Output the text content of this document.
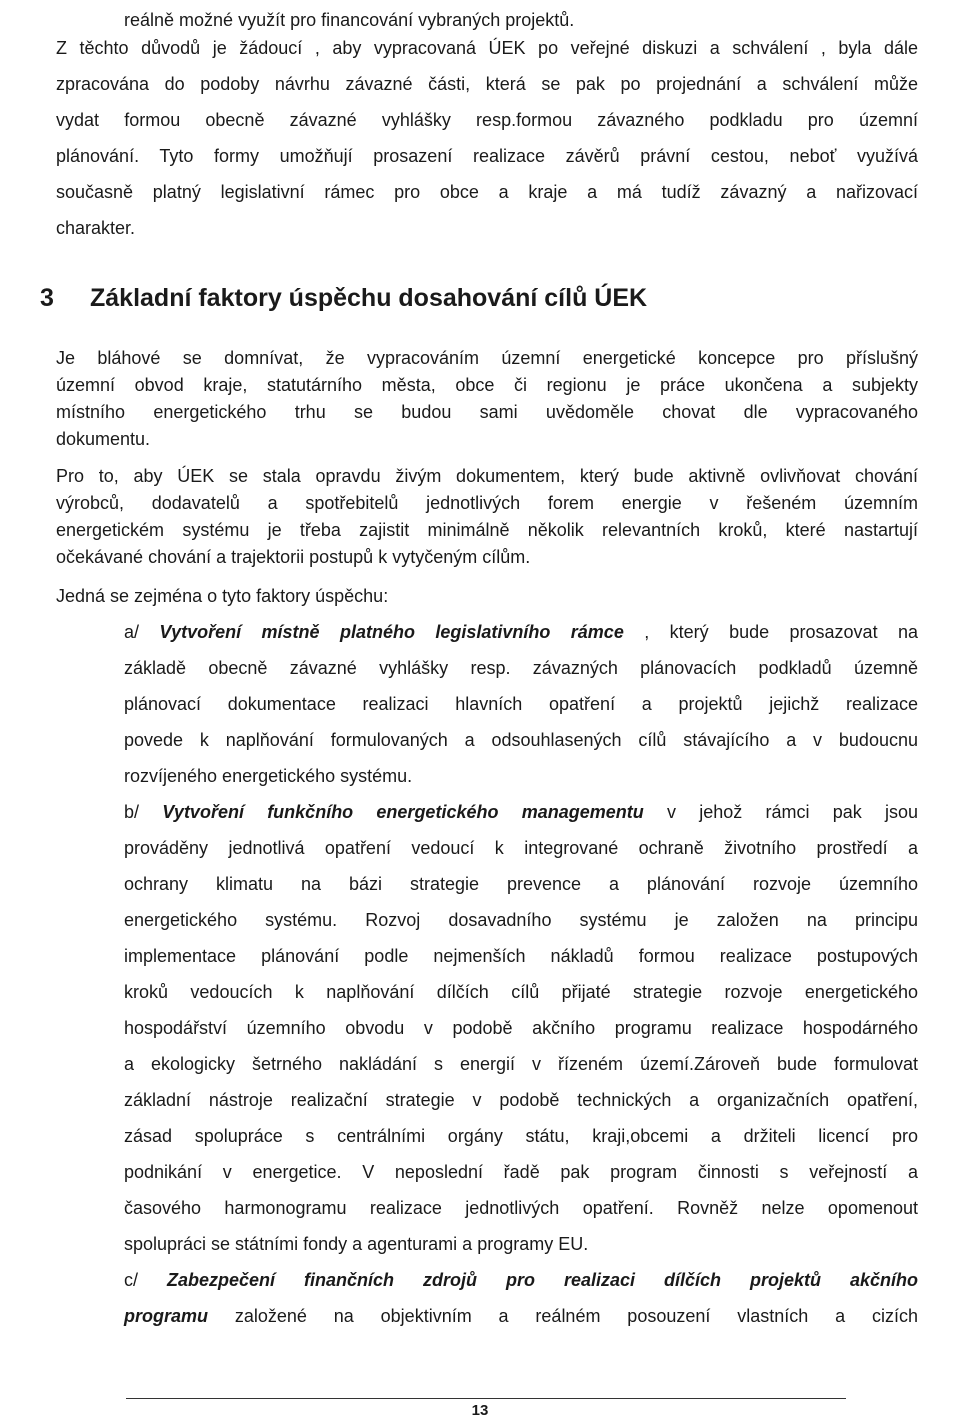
reálně možné využít pro financování vybraných projektů.

Z těchto důvodů je žádoucí , aby vypracovaná ÚEK po veřejné diskuzi a schválení , byla dále
zpracována do podoby návrhu závazné části, která se pak po projednání a schválení může
vydat formou obecně závazné vyhlášky resp.formou závazného podkladu pro územní
plánování. Tyto formy umožňují prosazení realizace závěrů právní cestou, neboť využívá
současně platný legislativní rámec pro obce a kraje a má tudíž závazný a nařizovací
charakter.

3 Základní faktory úspěchu dosahování cílů ÚEK

Je bláhové se domnívat, že vypracováním územní energetické koncepce pro příslušný
územní obvod kraje, statutárního města, obce či regionu je práce ukončena a subjekty
místního energetického trhu se budou sami uvědoměle chovat dle vypracovaného
dokumentu.

Pro to, aby ÚEK se stala opravdu živým dokumentem, který bude aktivně ovlivňovat chování
výrobců, dodavatelů a spotřebitelů jednotlivých forem energie v řešeném územním
energetickém systému je třeba zajistit minimálně několik relevantních kroků, které nastartují
očekávané chování a trajektorii postupů k vytyčeným cílům.

Jedná se zejména o tyto faktory úspěchu:

a/ Vytvoření místně platného legislativního rámce , který bude prosazovat na
základě obecně závazné vyhlášky resp. závazných plánovacích podkladů územně
plánovací dokumentace realizaci hlavních opatření a projektů jejichž realizace
povede k naplňování formulovaných a odsouhlasených cílů stávajícího a v budoucnu
rozvíjeného energetického systému.
b/ Vytvoření funkčního energetického managementu v jehož rámci pak jsou
prováděny jednotlivá opatření vedoucí k integrované ochraně životního prostředí a
ochrany klimatu na bázi strategie prevence a plánování rozvoje územního
energetického systému. Rozvoj dosavadního systému je založen na principu
implementace plánování podle nejmenších nákladů formou realizace postupových
kroků vedoucích k naplňování dílčích cílů přijaté strategie rozvoje energetického
hospodářství územního obvodu v podobě akčního programu realizace hospodárného
a ekologicky šetrného nakládání s energií v řízeném území.Zároveň bude formulovat
základní nástroje realizační strategie v podobě technických a organizačních opatření,
zásad spolupráce s centrálními orgány státu, kraji,obcemi a držiteli licencí pro
podnikání v energetice. V neposlední řadě pak program činnosti s veřejností a
časového harmonogramu realizace jednotlivých opatření. Rovněž nelze opomenout
spolupráci se státními fondy a agenturami a programy EU.
c/ Zabezpečení finančních zdrojů pro realizaci dílčích projektů akčního
programu založené na objektivním a reálném posouzení vlastních a cizích
13
